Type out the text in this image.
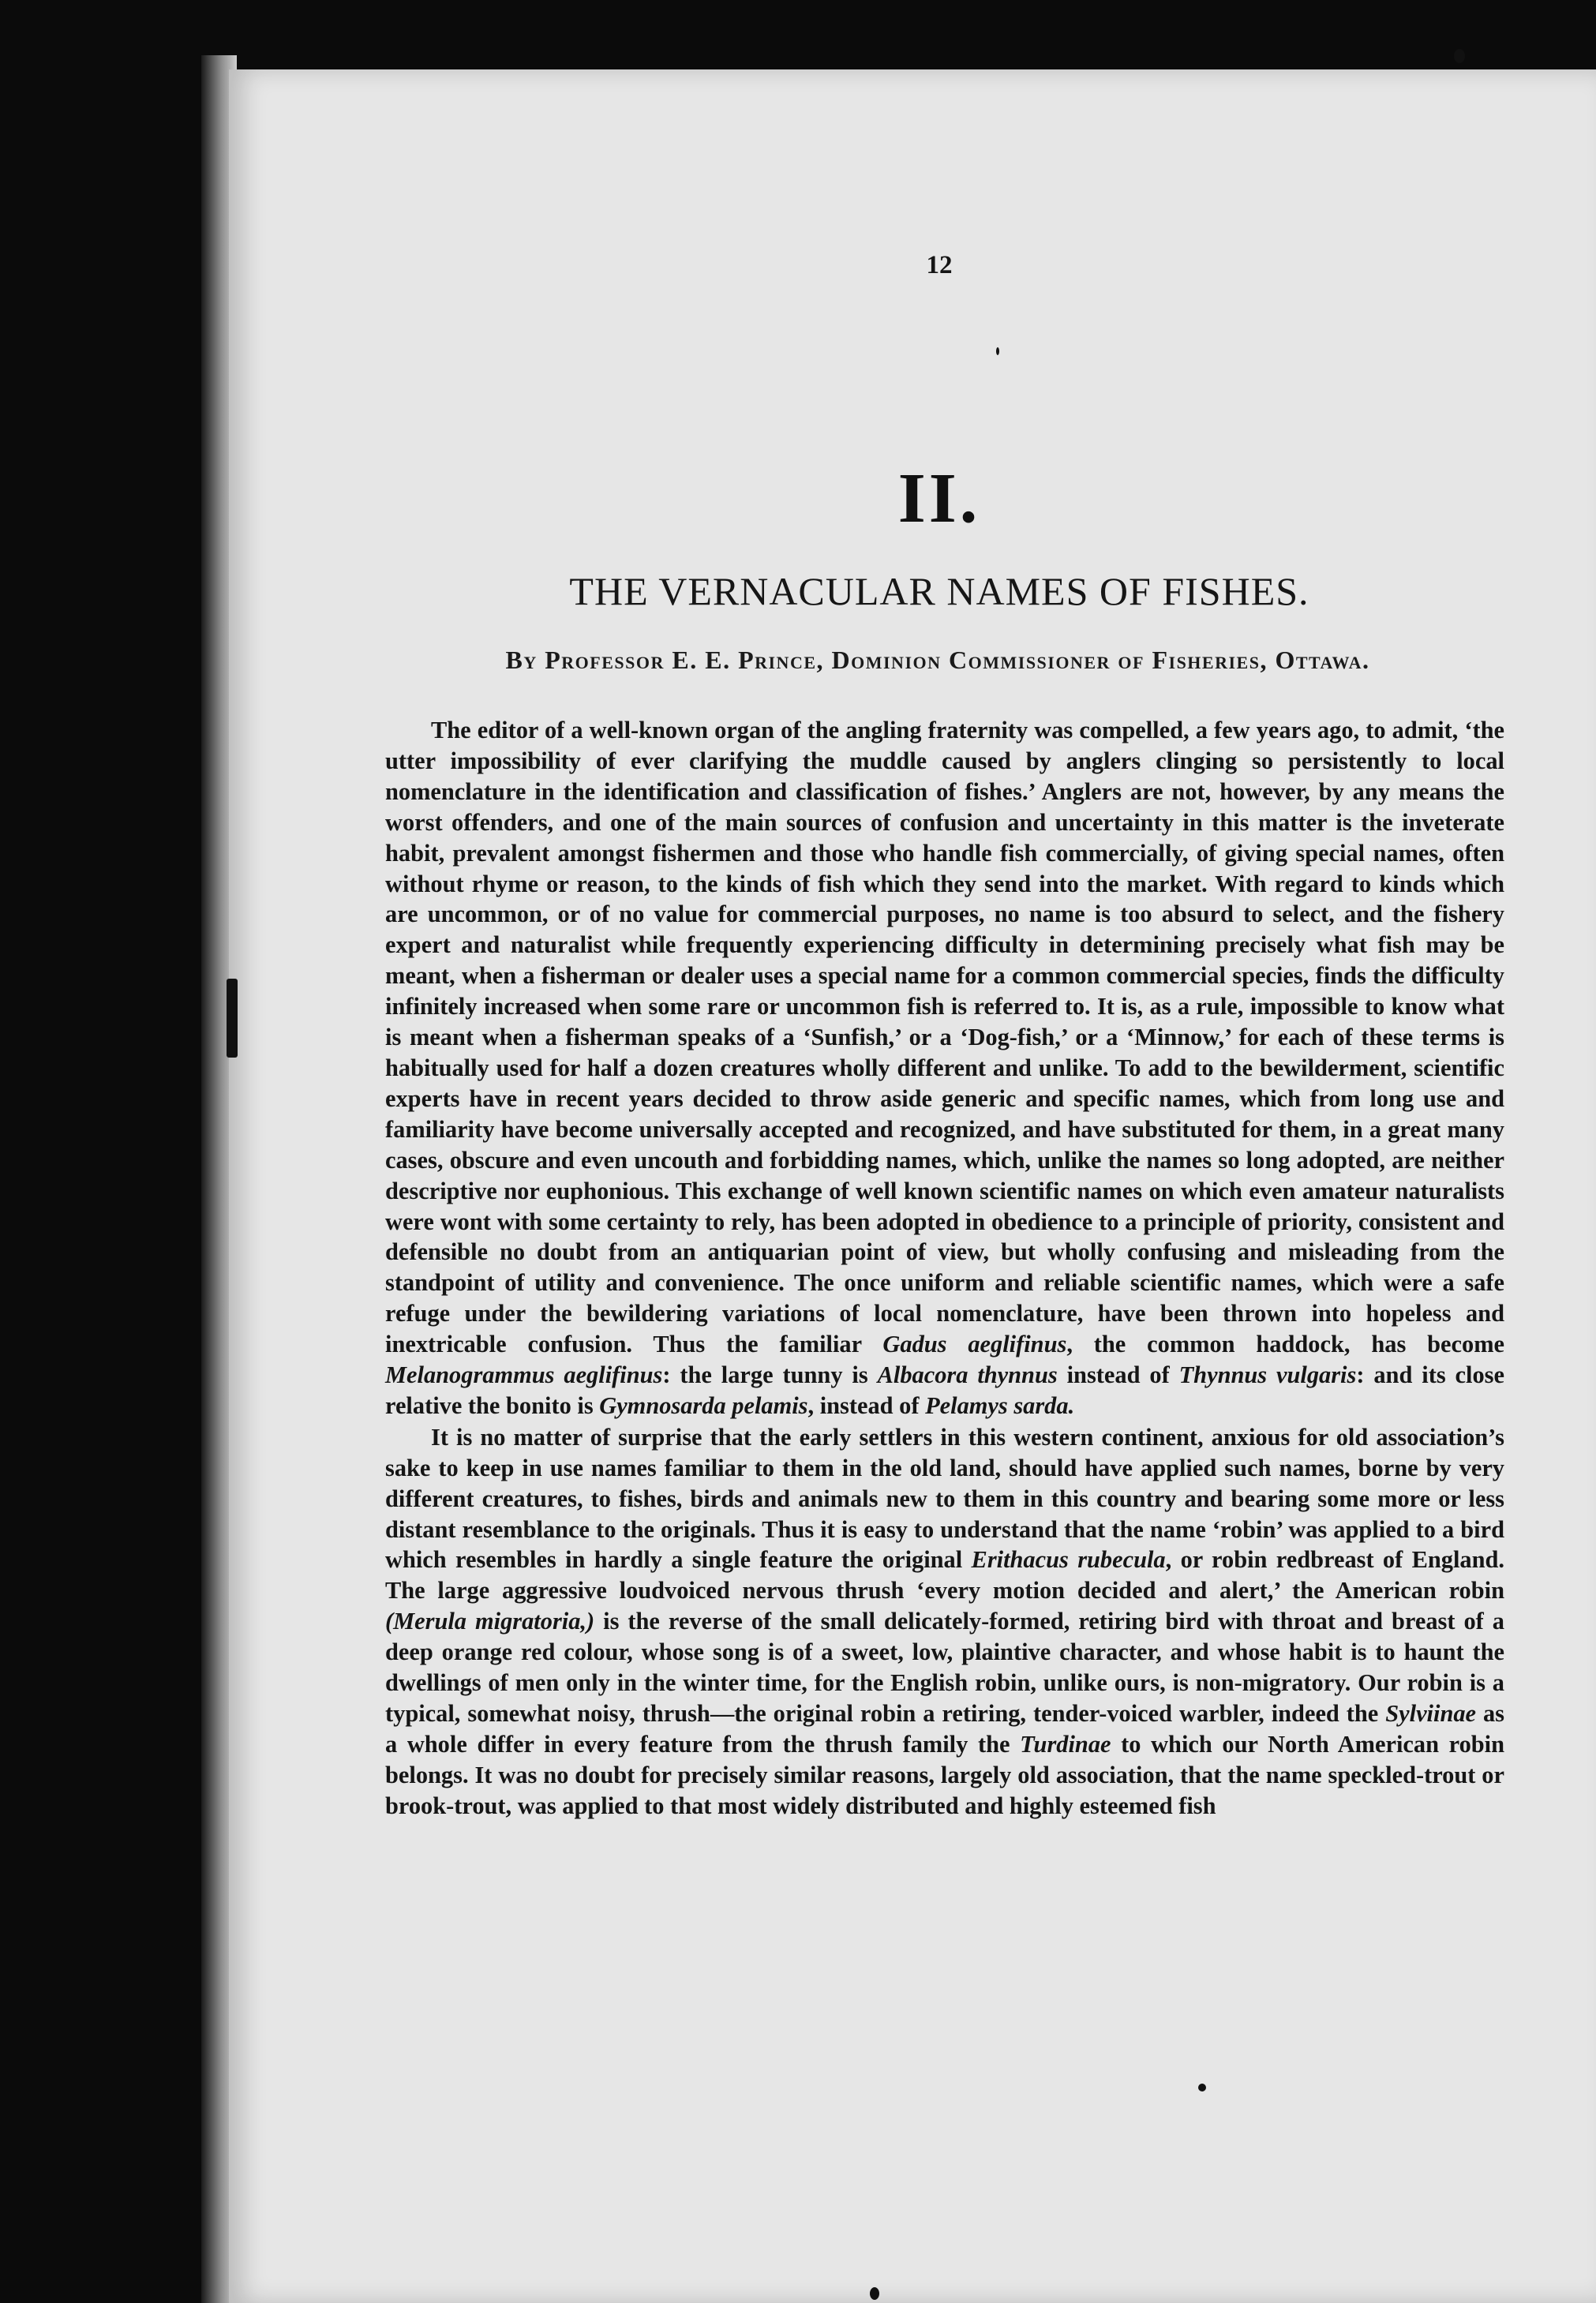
12
II.
THE VERNACULAR NAMES OF FISHES.
By Professor E. E. Prince, Dominion Commissioner of Fisheries, Ottawa.

The editor of a well-known organ of the angling fraternity was compelled, a few years ago, to admit, ‘the utter impossibility of ever clarifying the muddle caused by anglers clinging so persistently to local nomenclature in the identification and classification of fishes.’ Anglers are not, however, by any means the worst offenders, and one of the main sources of confusion and uncertainty in this matter is the inveterate habit, prevalent amongst fishermen and those who handle fish commercially, of giving special names, often without rhyme or reason, to the kinds of fish which they send into the market. With regard to kinds which are uncommon, or of no value for commercial purposes, no name is too absurd to select, and the fishery expert and naturalist while frequently experiencing difficulty in determining precisely what fish may be meant, when a fisherman or dealer uses a special name for a common commercial species, finds the difficulty infinitely increased when some rare or uncommon fish is referred to. It is, as a rule, impossible to know what is meant when a fisherman speaks of a ‘Sunfish,’ or a ‘Dog-fish,’ or a ‘Minnow,’ for each of these terms is habitually used for half a dozen creatures wholly different and unlike. To add to the bewilderment, scientific experts have in recent years decided to throw aside generic and specific names, which from long use and familiarity have become universally accepted and recognized, and have substituted for them, in a great many cases, obscure and even uncouth and forbidding names, which, unlike the names so long adopted, are neither descriptive nor euphonious. This exchange of well known scientific names on which even amateur naturalists were wont with some certainty to rely, has been adopted in obedience to a principle of priority, consistent and defensible no doubt from an antiquarian point of view, but wholly confusing and misleading from the standpoint of utility and convenience. The once uniform and reliable scientific names, which were a safe refuge under the bewildering variations of local nomenclature, have been thrown into hopeless and inextricable confusion. Thus the familiar Gadus aeglifinus, the common haddock, has become Melanogrammus aeglifinus: the large tunny is Albacora thynnus instead of Thynnus vulgaris: and its close relative the bonito is Gymnosarda pelamis, instead of Pelamys sarda.

It is no matter of surprise that the early settlers in this western continent, anxious for old association’s sake to keep in use names familiar to them in the old land, should have applied such names, borne by very different creatures, to fishes, birds and animals new to them in this country and bearing some more or less distant resemblance to the originals. Thus it is easy to understand that the name ‘robin’ was applied to a bird which resembles in hardly a single feature the original Erithacus rubecula, or robin redbreast of England. The large aggressive loudvoiced nervous thrush ‘every motion decided and alert,’ the American robin (Merula migratoria,) is the reverse of the small delicately-formed, retiring bird with throat and breast of a deep orange red colour, whose song is of a sweet, low, plaintive character, and whose habit is to haunt the dwellings of men only in the winter time, for the English robin, unlike ours, is non-migratory. Our robin is a typical, somewhat noisy, thrush—the original robin a retiring, tender-voiced warbler, indeed the Sylviinae as a whole differ in every feature from the thrush family the Turdinae to which our North American robin belongs. It was no doubt for precisely similar reasons, largely old association, that the name speckled-trout or brook-trout, was applied to that most widely distributed and highly esteemed fish
